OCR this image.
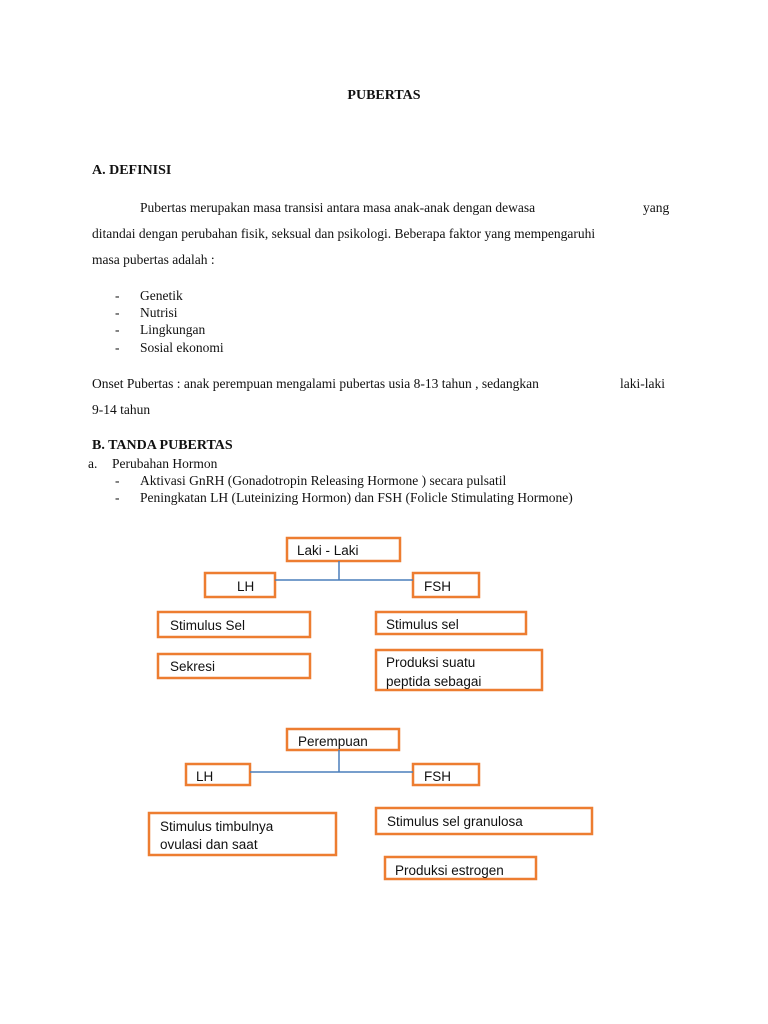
PUBERTAS
A. DEFINISI
Pubertas merupakan masa transisi antara masa anak-anak dengan dewasa	yang
ditandai dengan perubahan fisik, seksual dan psikologi. Beberapa faktor yang mempengaruhi
masa pubertas adalah :
- Genetik
- Nutrisi
- Lingkungan
- Sosial ekonomi
Onset Pubertas : anak perempuan mengalami pubertas usia 8-13 tahun , sedangkan	laki-laki
9-14 tahun
B. TANDA PUBERTAS
a. Perubahan Hormon
- Aktivasi GnRH (Gonadotropin Releasing Hormone ) secara pulsatil
- Peningkatan LH (Luteinizing Hormon) dan FSH (Folicle Stimulating Hormone)
Laki - Laki
LH	FSH
Stimulus Sel
Sekresi
Stimulus sel
Produksi suatu
peptida sebagai
Perempuan
LH	FSH
Stimulus timbulnya
ovulasi dan saat
Stimulus sel granulosa
Produksi estrogen
